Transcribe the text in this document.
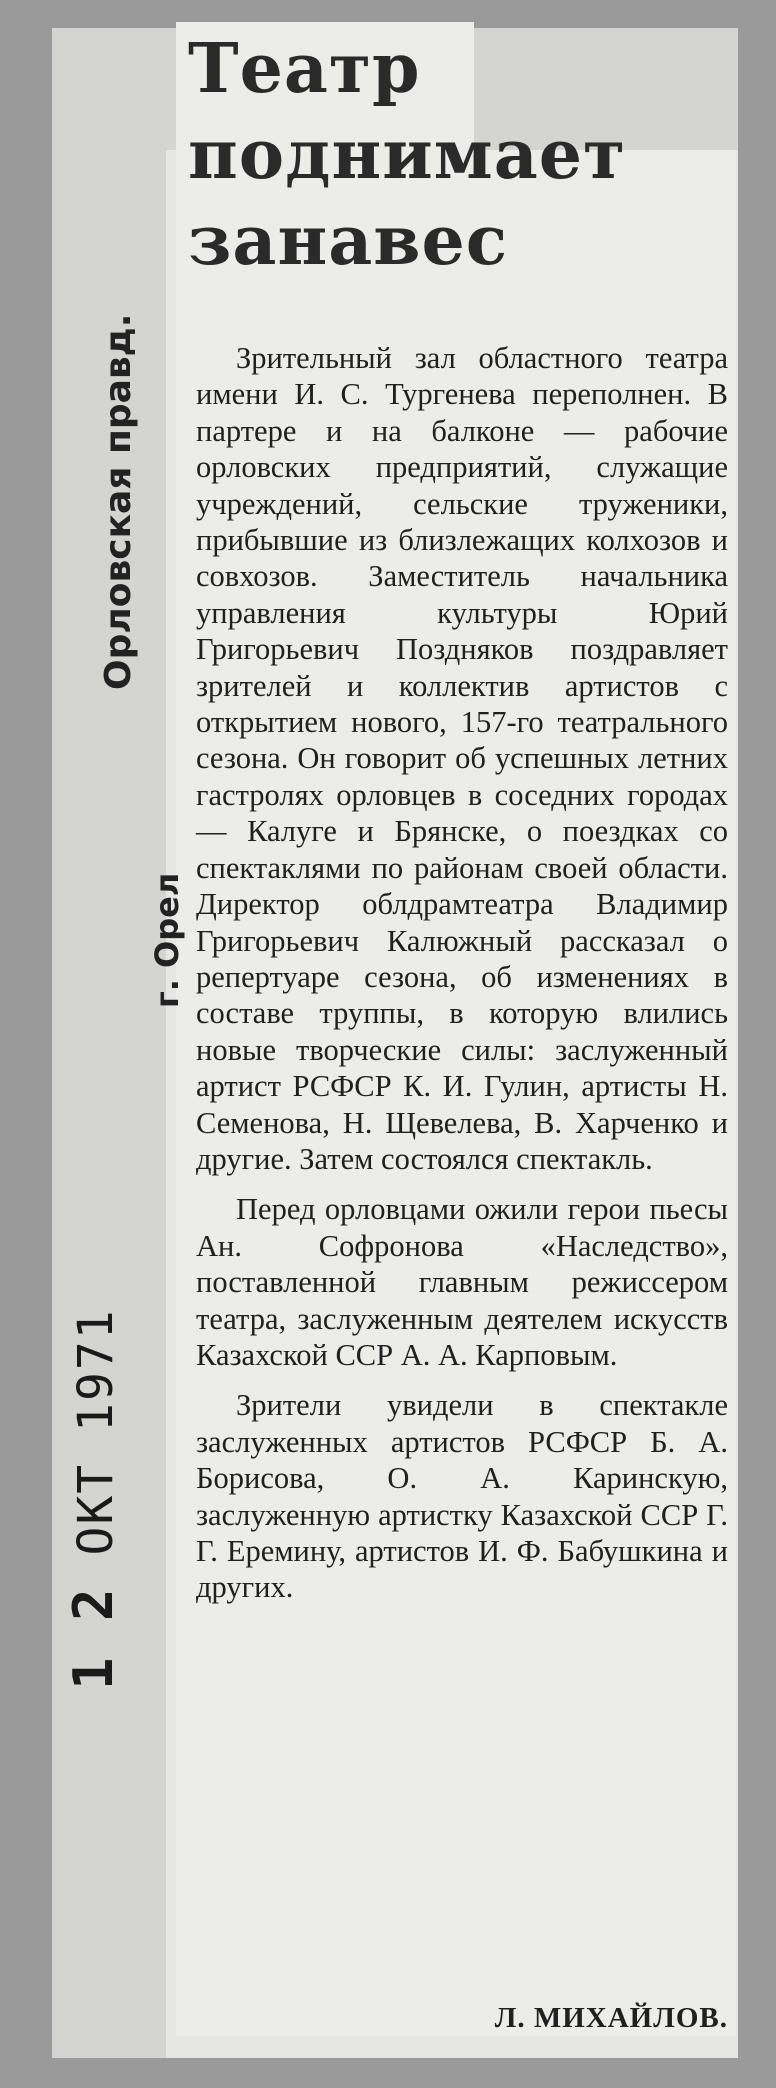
Театр
поднимает
занавес

Зрительный зал областного театра имени И. С. Тургенева переполнен. В партере и на балконе — рабочие орловских предприятий, служащие учреждений, сельские труженики, прибывшие из близлежащих колхозов и совхозов. Заместитель начальника управления культуры Юрий Григорьевич Поздняков поздравляет зрителей и коллектив артистов с открытием нового, 157-го театрального сезона. Он говорит об успешных летних гастролях орловцев в соседних городах — Калуге и Брянске, о поездках со спектаклями по районам своей области. Директор облдрамтеатра Владимир Григорьевич Калюжный рассказал о репертуаре сезона, об изменениях в составе труппы, в которую влились новые творческие силы: заслуженный артист РСФСР К. И. Гулин, артисты Н. Семенова, Н. Щевелева, В. Харченко и другие. Затем состоялся спектакль.

Перед орловцами ожили герои пьесы Ан. Софронова «Наследство», поставленной главным режиссером театра, заслуженным деятелем искусств Казахской ССР А. А. Карповым.

Зрители увидели в спектакле заслуженных артистов РСФСР Б. А. Борисова, О. А. Каринскую, заслуженную артистку Казахской ССР Г. Г. Еремину, артистов И. Ф. Бабушкина и других.

Л. МИХАЙЛОВ.
Орловская правд.
г. Орел
1 2 ОКТ 1971
